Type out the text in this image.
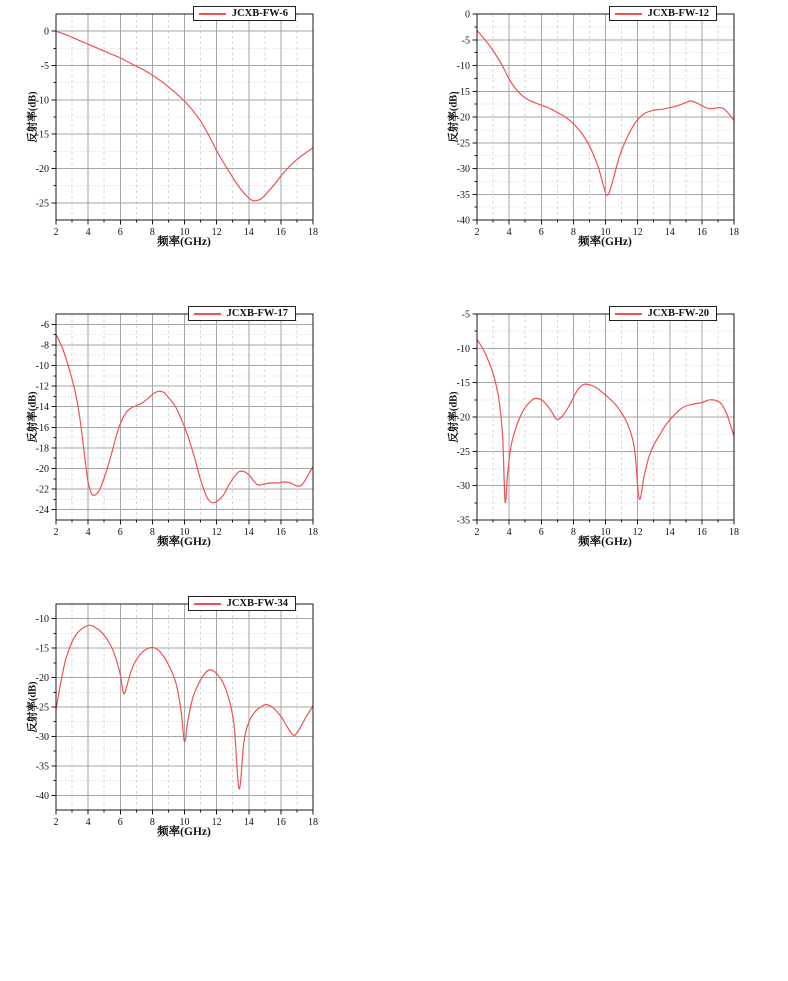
2	4	6	8 10 12 14 16 18
0
-5
-10
-15
-20
-25
反射率(dB)
频率(GHz)
JCXB-FW-6
2	4	6	8 10 12 14 16 18
0
-5
-10
-15
-20
-25
-30
-35
-40
反射率(dB)
频率(GHz)
JCXB-FW-12
2	4	6	8 10 12 14 16 18
-6
-8
-10
-12
-14
-16
-18
-20
-22
-24
反射率(dB)
频率(GHz)
JCXB-FW-17
2	4	6	8 10 12 14 16 18
-5
-10
-15
-20
-25
-30
-35
反射率(dB)
频率(GHz)
JCXB-FW-20
2	4	6	8 10 12 14 16 18
-10
-15
-20
-25
-30
-35
-40
反射率(dB)
频率(GHz)
JCXB-FW-34
